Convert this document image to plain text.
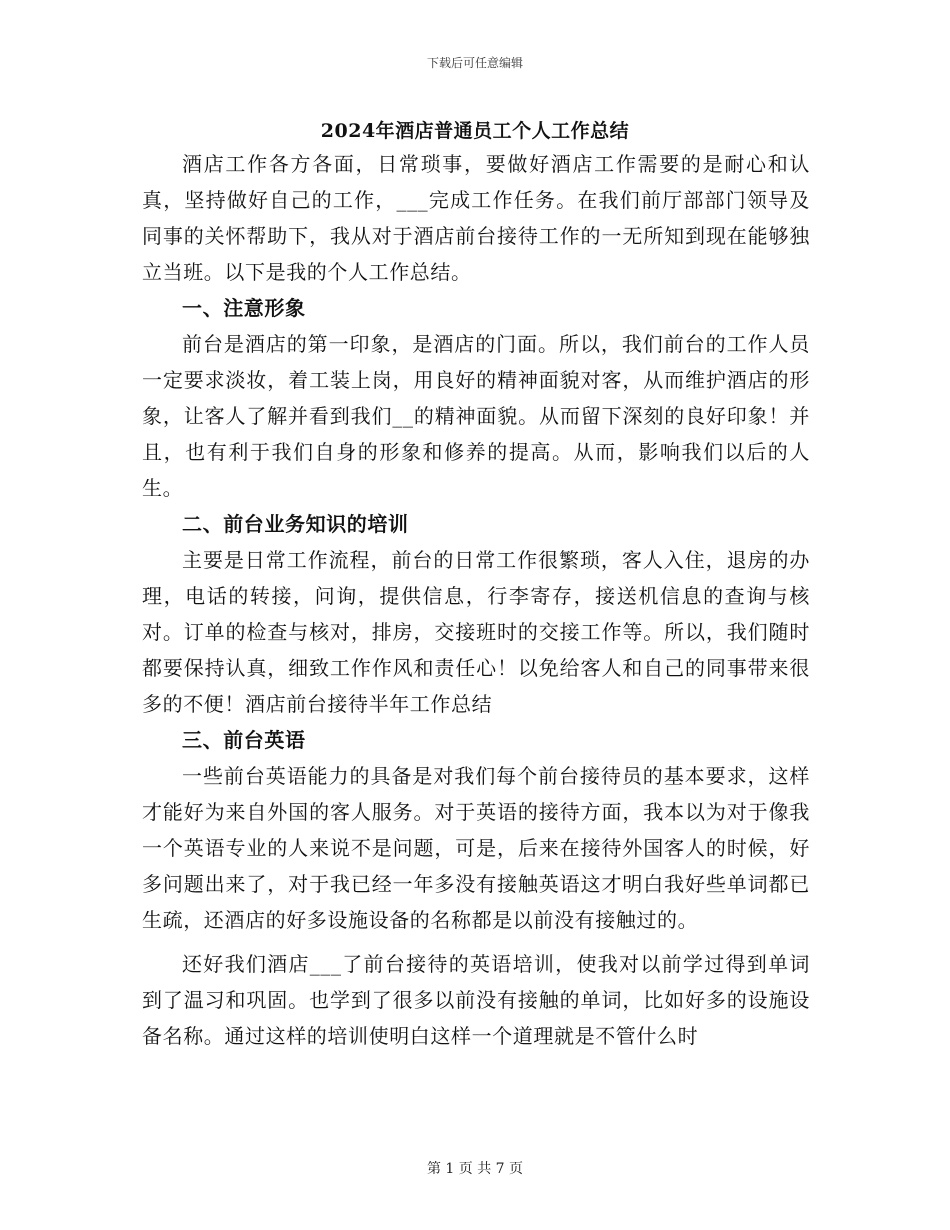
下载后可任意编辑
2024年酒店普通员工个人工作总结

酒店工作各方各面，日常琐事，要做好酒店工作需要的是耐心和认真，坚持做好自己的工作，___完成工作任务。在我们前厅部部门领导及同事的关怀帮助下，我从对于酒店前台接待工作的一无所知到现在能够独立当班。以下是我的个人工作总结。

一、注意形象

前台是酒店的第一印象，是酒店的门面。所以，我们前台的工作人员一定要求淡妆，着工装上岗，用良好的精神面貌对客，从而维护酒店的形象，让客人了解并看到我们__的精神面貌。从而留下深刻的良好印象！并且，也有利于我们自身的形象和修养的提高。从而，影响我们以后的人生。

二、前台业务知识的培训

主要是日常工作流程，前台的日常工作很繁琐，客人入住，退房的办理，电话的转接，问询，提供信息，行李寄存，接送机信息的查询与核对。订单的检查与核对，排房，交接班时的交接工作等。所以，我们随时都要保持认真，细致工作作风和责任心！以免给客人和自己的同事带来很多的不便！酒店前台接待半年工作总结

三、前台英语

一些前台英语能力的具备是对我们每个前台接待员的基本要求，这样才能好为来自外国的客人服务。对于英语的接待方面，我本以为对于像我一个英语专业的人来说不是问题，可是，后来在接待外国客人的时候，好多问题出来了，对于我已经一年多没有接触英语这才明白我好些单词都已生疏，还酒店的好多设施设备的名称都是以前没有接触过的。

还好我们酒店___了前台接待的英语培训，使我对以前学过得到单词到了温习和巩固。也学到了很多以前没有接触的单词，比如好多的设施设备名称。通过这样的培训使明白这样一个道理就是不管什么时

第 1 页 共 7 页
